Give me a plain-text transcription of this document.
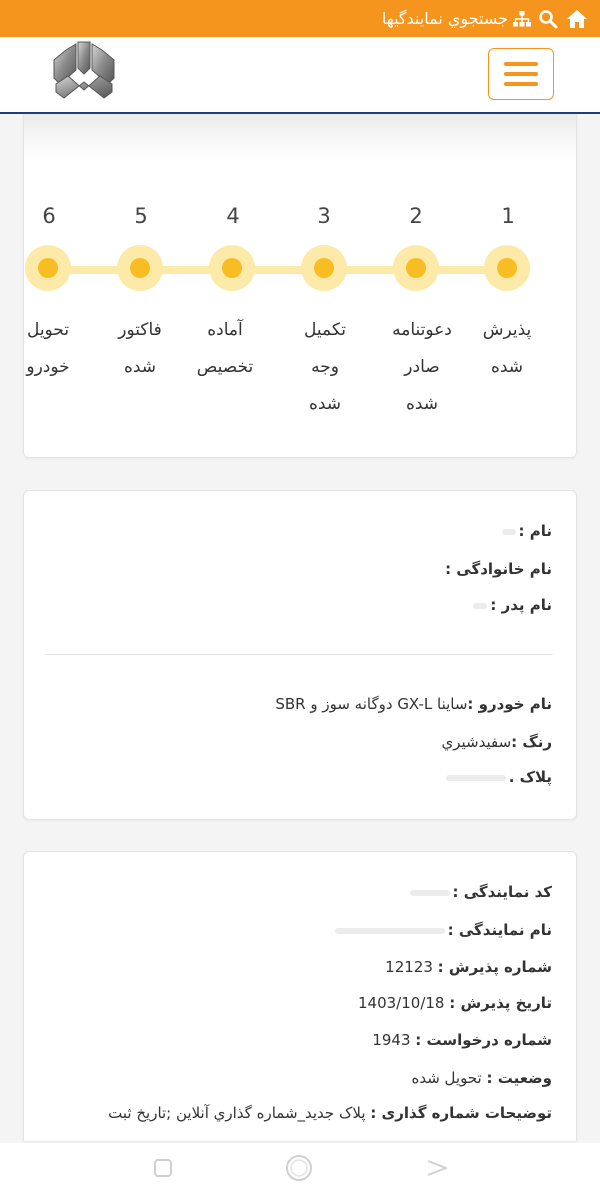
جستجوي نمايندگيها
1
2
3
4
5
6
پذيرش
شده
دعوتنامه
صادر
شده
تكميل
وجه
شده
آماده
تخصيص
فاكتور
شده
تحويل
خودرو
نام :
نام خانوادگی :
نام پدر :
نام خودرو :ساينا GX-L دوگانه سوز و SBR
رنگ :سفيدشيري
پلاک .
کد نمایندگی :
نام نمایندگی :
شماره پذیرش : 12123
تاریخ پذیرش : 1403/10/18
شماره درخواست : 1943
وضعیت : تحويل شده
توضیحات شماره گذاری : پلاک جديد_شماره گذاري آنلاين ;تاريخ ثبت
